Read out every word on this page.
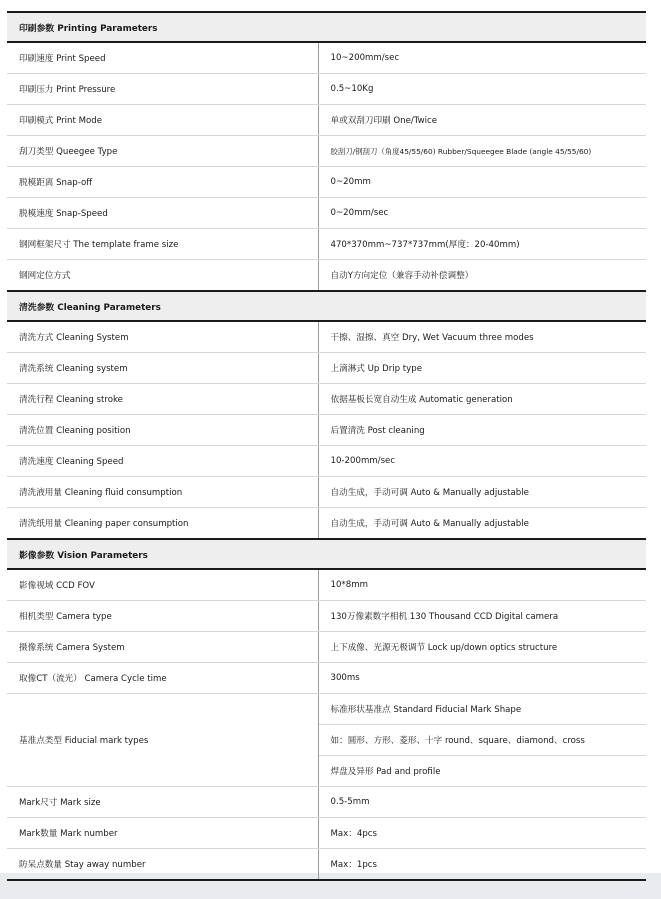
印刷参数 Printing Parameters	
印刷速度 Print Speed	10~200mm/sec
印刷压力 Print Pressure	0.5~10Kg
印刷模式 Print Mode	单或双刮刀印刷 One/Twice
刮刀类型 Queegee Type	胶刮刀/钢刮刀（角度45/55/60) Rubber/Squeegee Blade (angle 45/55/60)
脱模距离 Snap-off	0~20mm
脱模速度 Snap-Speed	0~20mm/sec
钢网框架尺寸 The template frame size	470*370mm~737*737mm(厚度：20-40mm)
钢网定位方式	自动Y方向定位（兼容手动补偿调整）
清洗参数 Cleaning Parameters	
清洗方式 Cleaning System	干擦、湿擦、真空 Dry, Wet Vacuum three modes
清洗系统 Cleaning system	上滴淋式 Up Drip type
清洗行程 Cleaning stroke	依据基板长宽自动生成 Automatic generation
清洗位置 Cleaning position	后置清洗 Post cleaning
清洗速度 Cleaning Speed	10-200mm/sec
清洗液用量 Cleaning fluid consumption	自动生成，手动可调 Auto & Manually adjustable
清洗纸用量 Cleaning paper consumption	自动生成，手动可调 Auto & Manually adjustable
影像参数 Vision Parameters	
影像视域 CCD FOV	10*8mm
相机类型 Camera type	130万像素数字相机 130 Thousand CCD Digital camera
摄像系统 Camera System	上下成像、光源无极调节 Lock up/down optics structure
取像CT（流光） Camera Cycle time	300ms
基准点类型 Fiducial mark types	标准形状基准点 Standard Fiducial Mark Shape
	如：圆形、方形、菱形、十字 round、square、diamond、cross
	焊盘及异形 Pad and profile
Mark尺寸 Mark size	0.5-5mm
Mark数量 Mark number	Max：4pcs
防呆点数量 Stay away number	Max：1pcs
